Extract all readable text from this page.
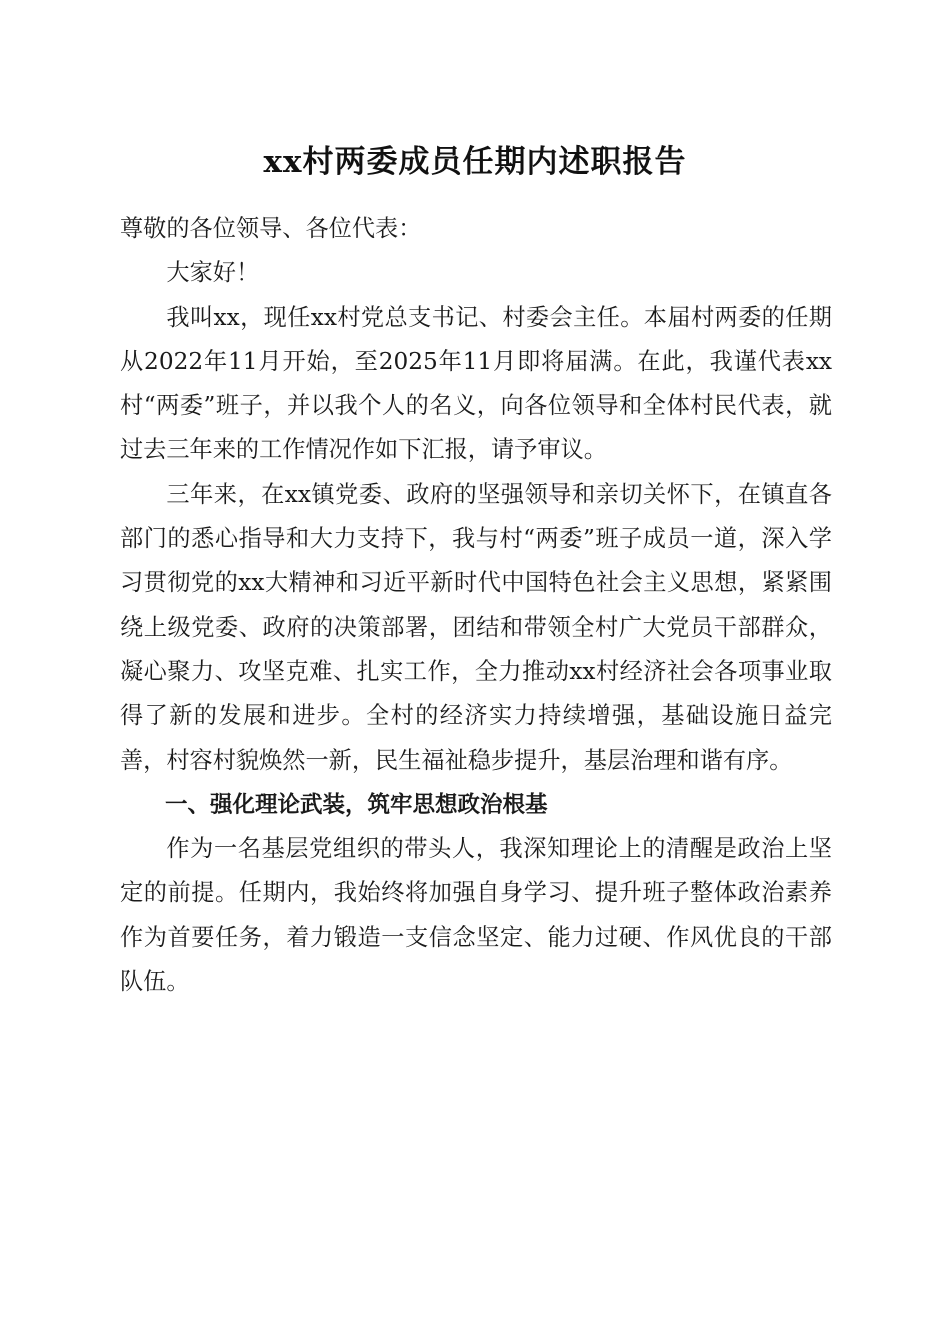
xx村两委成员任期内述职报告

尊敬的各位领导、各位代表：

大家好！

我叫xx，现任xx村党总支书记、村委会主任。本届村两委的任期从2022年11月开始，至2025年11月即将届满。在此，我谨代表xx村“两委”班子，并以我个人的名义，向各位领导和全体村民代表，就过去三年来的工作情况作如下汇报，请予审议。

三年来，在xx镇党委、政府的坚强领导和亲切关怀下，在镇直各部门的悉心指导和大力支持下，我与村“两委”班子成员一道，深入学习贯彻党的xx大精神和习近平新时代中国特色社会主义思想，紧紧围绕上级党委、政府的决策部署，团结和带领全村广大党员干部群众，凝心聚力、攻坚克难、扎实工作，全力推动xx村经济社会各项事业取得了新的发展和进步。全村的经济实力持续增强，基础设施日益完善，村容村貌焕然一新，民生福祉稳步提升，基层治理和谐有序。

一、强化理论武装，筑牢思想政治根基

作为一名基层党组织的带头人，我深知理论上的清醒是政治上坚定的前提。任期内，我始终将加强自身学习、提升班子整体政治素养作为首要任务，着力锻造一支信念坚定、能力过硬、作风优良的干部队伍。
